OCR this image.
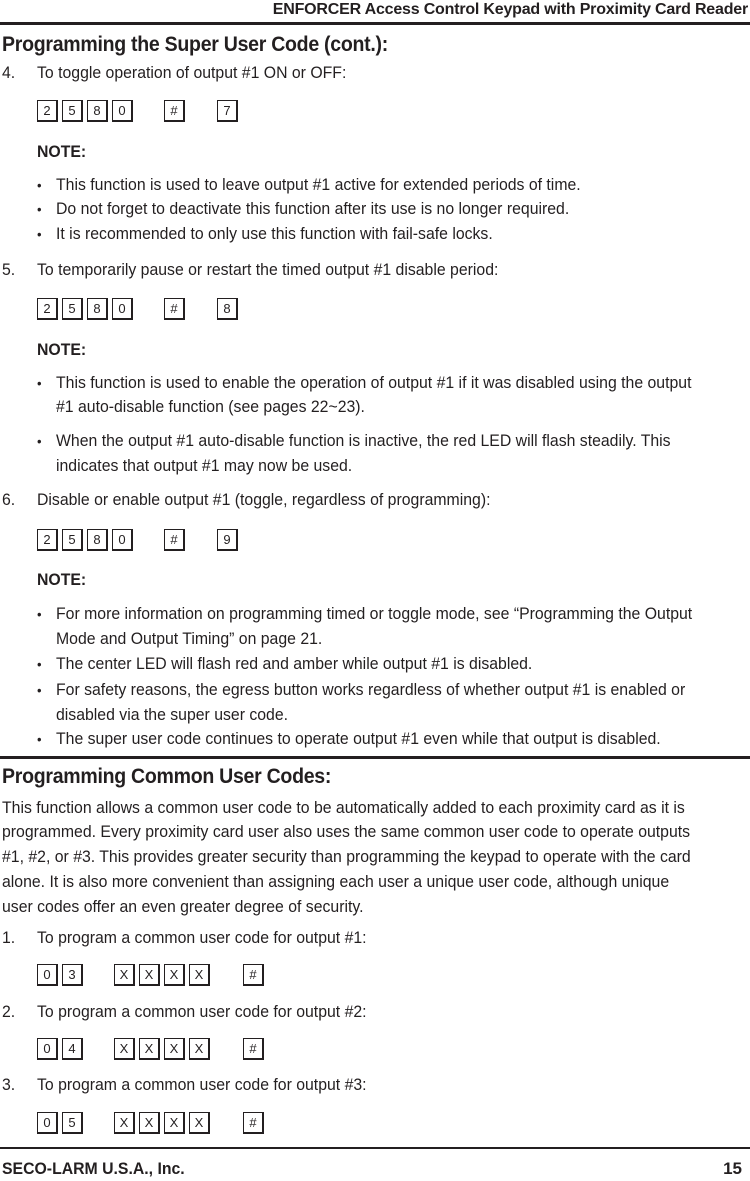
ENFORCER Access Control Keypad with Proximity Card Reader
Programming the Super User Code (cont.):
4. To toggle operation of output #1 ON or OFF:
2	5	8	0	#	7
NOTE:
• This function is used to leave output #1 active for extended periods of time.
• Do not forget to deactivate this function after its use is no longer required.
• It is recommended to only use this function with fail-safe locks.
5. To temporarily pause or restart the timed output #1 disable period:
2	5	8	0	#	8
NOTE:
• This function is used to enable the operation of output #1 if it was disabled using the output
#1 auto-disable function (see pages 22~23).
• When the output #1 auto-disable function is inactive, the red LED will flash steadily. This
indicates that output #1 may now be used.
6. Disable or enable output #1 (toggle, regardless of programming):
2	5	8	0	#	9
NOTE:
• For more information on programming timed or toggle mode, see “Programming the Output
Mode and Output Timing” on page 21.
• The center LED will flash red and amber while output #1 is disabled.
• For safety reasons, the egress button works regardless of whether output #1 is enabled or
disabled via the super user code.
• The super user code continues to operate output #1 even while that output is disabled.
Programming Common User Codes:
This function allows a common user code to be automatically added to each proximity card as it is
programmed. Every proximity card user also uses the same common user code to operate outputs
#1, #2, or #3. This provides greater security than programming the keypad to operate with the card
alone. It is also more convenient than assigning each user a unique user code, although unique
user codes offer an even greater degree of security.
1. To program a common user code for output #1:
0	3	X	X	X	X	#
2. To program a common user code for output #2:
0	4	X	X	X	X	#
3. To program a common user code for output #3:
0	5	X	X	X	X	#
SECO-LARM U.S.A., Inc.	15
